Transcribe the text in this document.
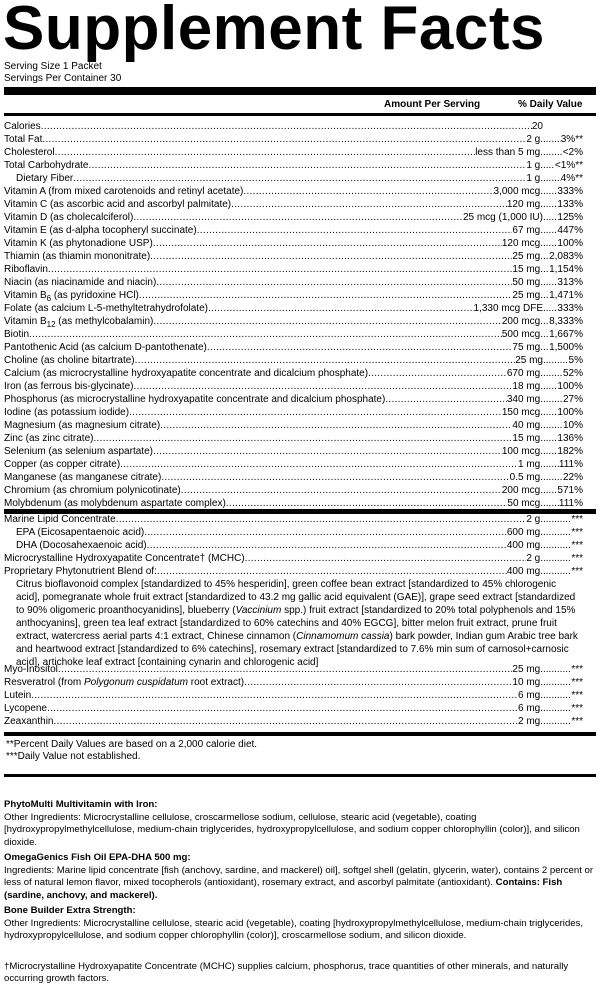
Supplement Facts
Serving Size 1 Packet
Servings Per Container 30
Amount Per Serving	% Daily Value
Calories .....	20
Total Fat .....	2 g. ..... 3%**
Cholesterol .....	less than 5 mg. ..... <2%
Total Carbohydrate .....	1 g. ..... <1%**
Dietary Fiber .....	1 g. ..... 4%**
Vitamin A (from mixed carotenoids and retinyl acetate) .....	3,000 mcg. ..... 333%
Vitamin C (as ascorbic acid and ascorbyl palmitate) .....	120 mg. ..... 133%
Vitamin D (as cholecalciferol) .....	25 mcg (1,000 IU) ..... 125%
Vitamin E (as d-alpha tocopheryl succinate) .....	67 mg. ..... 447%
Vitamin K (as phytonadione USP) .....	120 mcg. ..... 100%
Thiamin (as thiamin mononitrate) .....	25 mg. ..... 2,083%
Riboflavin .....	15 mg. ..... 1,154%
Niacin (as niacinamide and niacin) .....	50 mg. ..... 313%
Vitamin $B_6$ (as pyridoxine HCl) .....	25 mg. ..... 1,471%
Folate (as calcium L-5-methyltetrahydrofolate) .....	1,330 mcg DFE ..... 333%
Vitamin $B_{12}$ (as methylcobalamin) .....	200 mcg. ..... 8,333%
Biotin .....	500 mcg. ..... 1,667%
Pantothenic Acid (as calcium D-pantothenate) .....	75 mg. ..... 1,500%
Choline (as choline bitartrate) .....	25 mg .....	5%
Calcium (as microcrystalline hydroxyapatite concentrate and dicalcium phosphate) .....	670 mg. ..... 52%
Iron (as ferrous bis-glycinate) .....	18 mg. ..... 100%
Phosphorus (as microcrystalline hydroxyapatite concentrate and dicalcium phosphate) .....	340 mg. ..... 27%
Iodine (as potassium iodide) .....	150 mcg. ..... 100%
Magnesium (as magnesium citrate) .....	40 mg. ..... 10%
Zinc (as zinc citrate) .....	15 mg. ..... 136%
Selenium (as selenium aspartate) .....	100 mcg. ..... 182%
Copper (as copper citrate) .....	1 mg. ..... 111%
Manganese (as manganese citrate) .....	0.5 mg. ..... 22%
Chromium (as chromium polynicotinate) .....	200 mcg. ..... 571%
Molybdenum (as molybdenum aspartate complex) .....	50 mcg. ..... 111%
Marine Lipid Concentrate .....	2 g. .....	***
EPA (Eicosapentaenoic acid) .....	600 mg. .....	***
DHA (Docosahexaenoic acid) .....	400 mg. .....	***
Microcrystalline Hydroxyapatite Concentrate† (MCHC) .....	2 g. .....	***
Proprietary Phytonutrient Blend of: .....	400 mg. .....	***
Citrus bioflavonoid complex [standardized to 45% hesperidin], green coffee bean extract [standardized to 45% chlorogenic acid], pomegranate whole fruit extract [standardized to 43.2 mg gallic acid equivalent (GAE)], grape seed extract [standardized to 90% oligomeric proanthocyanidins], blueberry (Vaccinium spp.) fruit extract [standardized to 20% total polyphenols and 15% anthocyanins], green tea leaf extract [standardized to 60% catechins and 40% EGCG], bitter melon fruit extract, prune fruit extract, watercress aerial parts 4:1 extract, Chinese cinnamon (Cinnamomum cassia) bark powder, Indian gum Arabic tree bark and heartwood extract [standardized to 6% catechins], rosemary extract [standardized to 7.6% min sum of carnosol+carnosic acid], artichoke leaf extract [containing cynarin and chlorogenic acid]
Myo-Inositol .....	25 mg. .....	***
Resveratrol (from Polygonum cuspidatum root extract) .....	10 mg. .....	***
Lutein .....	6 mg. .....	***
Lycopene .....	6 mg. .....	***
Zeaxanthin .....	2 mg. .....	***
**Percent Daily Values are based on a 2,000 calorie diet.
***Daily Value not established.
PhytoMulti Multivitamin with Iron:
Other Ingredients: Microcrystalline cellulose, croscarmellose sodium, cellulose, stearic acid (vegetable), coating [hydroxypropylmethylcellulose, medium-chain triglycerides, hydroxypropylcellulose, and sodium copper chlorophyllin (color)], and silicon dioxide.
OmegaGenics Fish Oil EPA-DHA 500 mg:
Ingredients: Marine lipid concentrate [fish (anchovy, sardine, and mackerel) oil], softgel shell (gelatin, glycerin, water), contains 2 percent or less of natural lemon flavor, mixed tocopherols (antioxidant), rosemary extract, and ascorbyl palmitate (antioxidant). Contains: Fish (sardine, anchovy, and mackerel).
Bone Builder Extra Strength:
Other Ingredients: Microcrystalline cellulose, stearic acid (vegetable), coating [hydroxypropylmethylcellulose, medium-chain triglycerides, hydroxypropylcellulose, and sodium copper chlorophyllin (color)], croscarmellose sodium, and silicon dioxide.
†Microcrystalline Hydroxyapatite Concentrate (MCHC) supplies calcium, phosphorus, trace quantities of other minerals, and naturally occurring growth factors.
